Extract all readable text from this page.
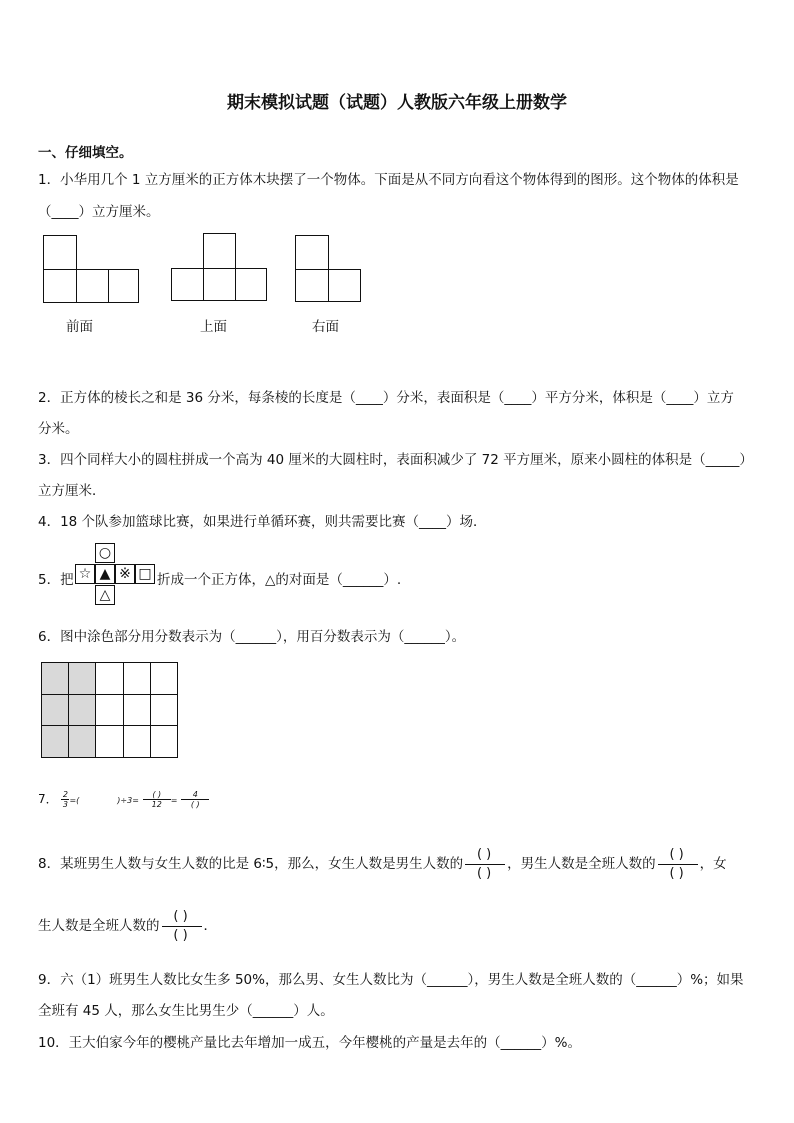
期末模拟试题（试题）人教版六年级上册数学
一、仔细填空。
1．小华用几个 1 立方厘米的正方体木块摆了一个物体。下面是从不同方向看这个物体得到的图形。这个物体的体积是
（____）立方厘米。
前面	上面	右面
2．正方体的棱长之和是 36 分米，每条棱的长度是（____）分米，表面积是（____）平方分米，体积是（____）立方
分米。
3．四个同样大小的圆柱拼成一个高为 40 厘米的大圆柱时，表面积减少了 72 平方厘米，原来小圆柱的体积是（_____）
立方厘米．
4．18 个队参加篮球比赛，如果进行单循环赛，则共需要比赛（____）场．
5．把
○
☆ ▲ ※ □
△
折成一个正方体，△的对面是（______）.
6．图中涂色部分用分数表示为（______），用百分数表示为（______）。
7． $\frac{2}{3}$ =(	)$\div 3= \frac{( )}{12} = \frac{4}{( )}$
8．某班男生人数与女生人数的比是 6∶5，那么，女生人数是男生人数的 $\frac{( )}{( )}$ ，男生人数是全班人数的 $\frac{( )}{( )}$ ，女
生人数是全班人数的 $\frac{( )}{( )}$ ．
9．六（1）班男生人数比女生多 50%，那么男、女生人数比为（______），男生人数是全班人数的（______）%；如果
全班有 45 人，那么女生比男生少（______）人。
10．王大伯家今年的樱桃产量比去年增加一成五，今年樱桃的产量是去年的（______）%。
